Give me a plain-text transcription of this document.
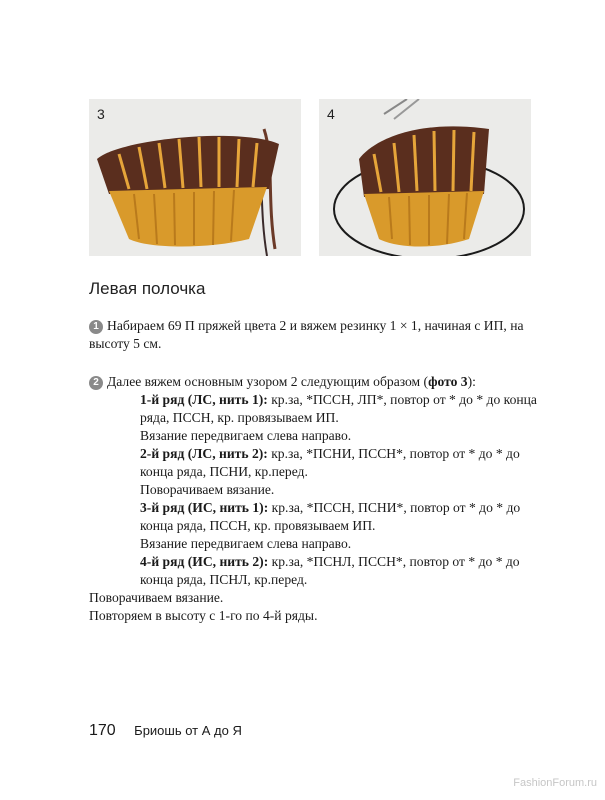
3	4
Левая полочка

1 Набираем 69 П пряжей цвета 2 и вяжем резинку 1 × 1, начиная с ИП, на высоту 5 см.

2 Далее вяжем основным узором 2 следующим образом (фото 3):

1-й ряд (ЛС, нить 1): кр.за, *ПССН, ЛП*, повтор от * до * до конца ряда, ПССН, кр. провязываем ИП.

Вязание передвигаем слева направо.

2-й ряд (ЛС, нить 2): кр.за, *ПСНИ, ПССН*, повтор от * до * до конца ряда, ПСНИ, кр.перед.

Поворачиваем вязание.

3-й ряд (ИС, нить 1): кр.за, *ПССН, ПСНИ*, повтор от * до * до конца ряда, ПССН, кр. провязываем ИП.

Вязание передвигаем слева направо.

4-й ряд (ИС, нить 2): кр.за, *ПСНЛ, ПССН*, повтор от * до * до конца ряда, ПСНЛ, кр.перед.

Поворачиваем вязание.

Повторяем в высоту с 1-го по 4-й ряды.

170 Бриошь от А до Я
FashionForum.ru
